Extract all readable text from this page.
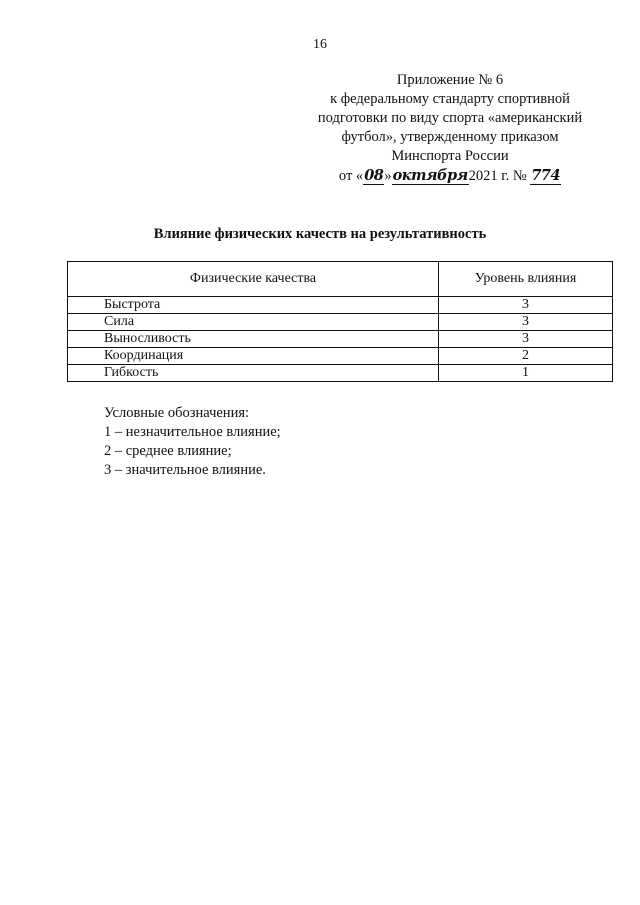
16
Приложение № 6
к федеральному стандарту спортивной
подготовки по виду спорта «американский
футбол», утвержденному приказом
Минспорта России
от «08»октября2021 г. № 774
Влияние физических качеств на результативность
Физические качества	Уровень влияния
Быстрота	3
Сила	3
Выносливость	3
Координация	2
Гибкость	1
Условные обозначения:
1 – незначительное влияние;
2 – среднее влияние;
3 – значительное влияние.
